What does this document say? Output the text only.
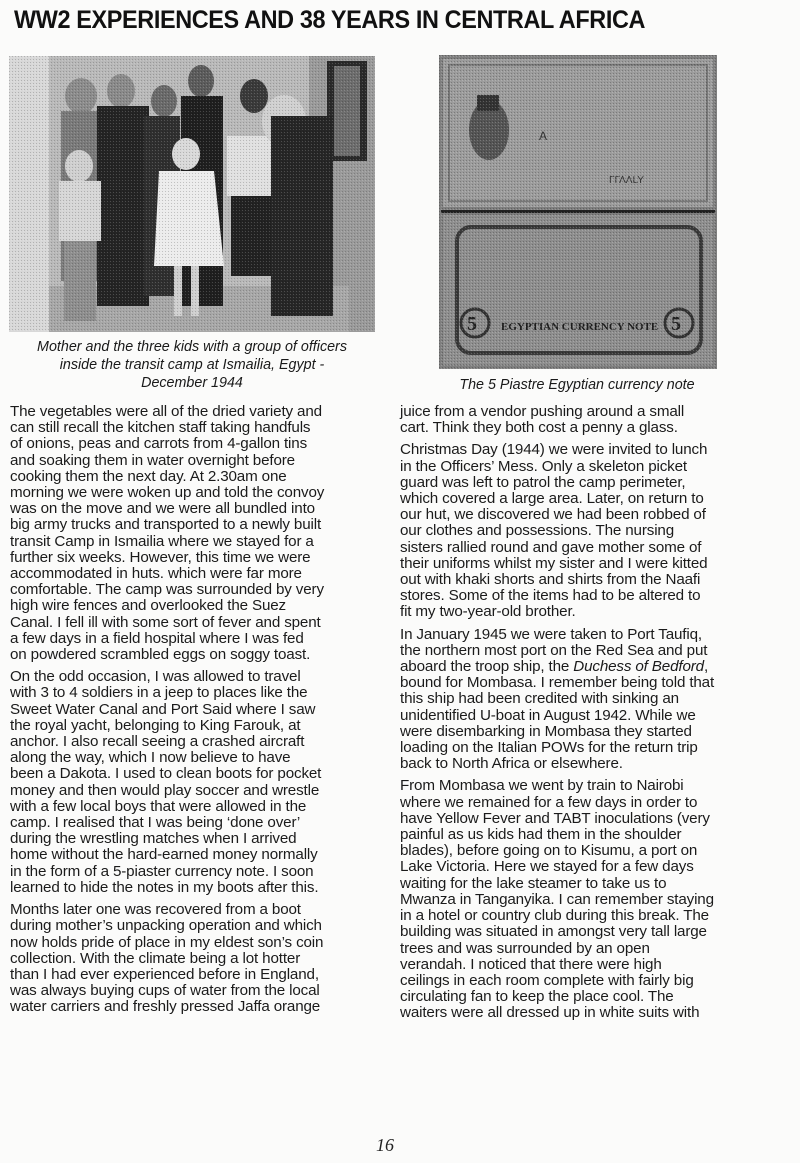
WW2 EXPERIENCES AND 38 YEARS IN CENTRAL AFRICA
Mother and the three kids with a group of officers
inside the transit camp at Ismailia, Egypt -
December 1944	The 5 Piastre Egyptian currency note

The vegetables were all of the dried variety and
can still recall the kitchen staff taking handfuls
of onions, peas and carrots from 4-gallon tins
and soaking them in water overnight before
cooking them the next day. At 2.30am one
morning we were woken up and told the convoy
was on the move and we were all bundled into
big army trucks and transported to a newly built
transit Camp in Ismailia where we stayed for a
further six weeks. However, this time we were
accommodated in huts. which were far more
comfortable. The camp was surrounded by very
high wire fences and overlooked the Suez
Canal. I fell ill with some sort of fever and spent
a few days in a field hospital where I was fed
on powdered scrambled eggs on soggy toast.

On the odd occasion, I was allowed to travel
with 3 to 4 soldiers in a jeep to places like the
Sweet Water Canal and Port Said where I saw
the royal yacht, belonging to King Farouk, at
anchor. I also recall seeing a crashed aircraft
along the way, which I now believe to have
been a Dakota. I used to clean boots for pocket
money and then would play soccer and wrestle
with a few local boys that were allowed in the
camp. I realised that I was being ‘done over’
during the wrestling matches when I arrived
home without the hard-earned money normally
in the form of a 5-piaster currency note. I soon
learned to hide the notes in my boots after this.

Months later one was recovered from a boot
during mother’s unpacking operation and which
now holds pride of place in my eldest son’s coin
collection. With the climate being a lot hotter
than I had ever experienced before in England,
was always buying cups of water from the local
water carriers and freshly pressed Jaffa orange

juice from a vendor pushing around a small
cart. Think they both cost a penny a glass.

Christmas Day (1944) we were invited to lunch
in the Officers’ Mess. Only a skeleton picket
guard was left to patrol the camp perimeter,
which covered a large area. Later, on return to
our hut, we discovered we had been robbed of
our clothes and possessions. The nursing
sisters rallied round and gave mother some of
their uniforms whilst my sister and I were kitted
out with khaki shorts and shirts from the Naafi
stores. Some of the items had to be altered to
fit my two-year-old brother.

In January 1945 we were taken to Port Taufiq,
the northern most port on the Red Sea and put
aboard the troop ship, the Duchess of Bedford,
bound for Mombasa. I remember being told that
this ship had been credited with sinking an
unidentified U-boat in August 1942. While we
were disembarking in Mombasa they started
loading on the Italian POWs for the return trip
back to North Africa or elsewhere.

From Mombasa we went by train to Nairobi
where we remained for a few days in order to
have Yellow Fever and TABT inoculations (very
painful as us kids had them in the shoulder
blades), before going on to Kisumu, a port on
Lake Victoria. Here we stayed for a few days
waiting for the lake steamer to take us to
Mwanza in Tanganyika. I can remember staying
in a hotel or country club during this break. The
building was situated in amongst very tall large
trees and was surrounded by an open
verandah. I noticed that there were high
ceilings in each room complete with fairly big
circulating fan to keep the place cool. The
waiters were all dressed up in white suits with

16
